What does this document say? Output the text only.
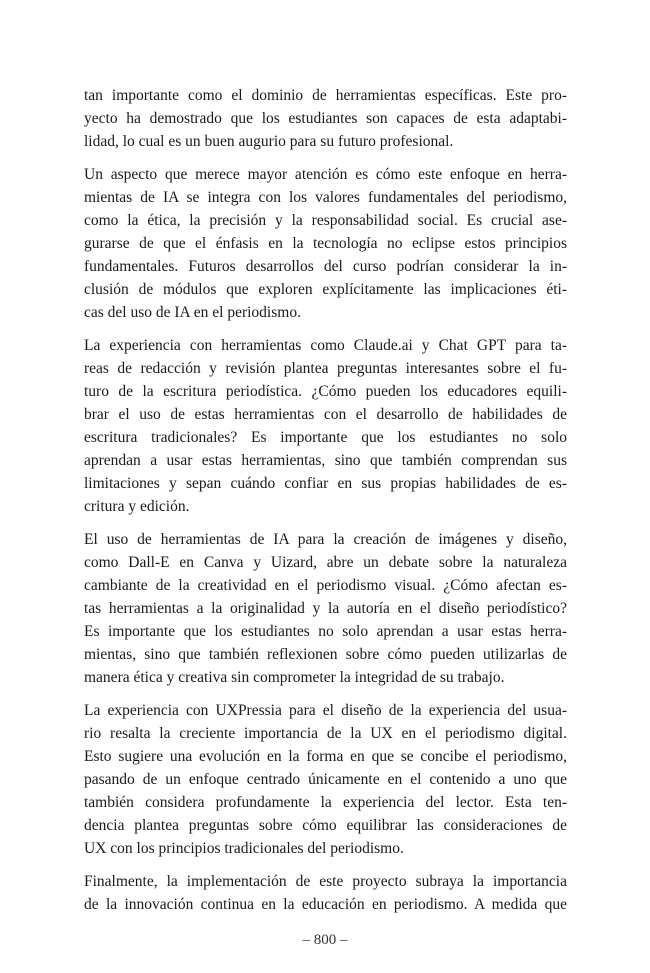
tan importante como el dominio de herramientas específicas. Este pro-
yecto ha demostrado que los estudiantes son capaces de esta adaptabi-
lidad, lo cual es un buen augurio para su futuro profesional.

Un aspecto que merece mayor atención es cómo este enfoque en herra-
mientas de IA se integra con los valores fundamentales del periodismo,
como la ética, la precisión y la responsabilidad social. Es crucial ase-
gurarse de que el énfasis en la tecnología no eclipse estos principios
fundamentales. Futuros desarrollos del curso podrían considerar la in-
clusión de módulos que exploren explícitamente las implicaciones éti-
cas del uso de IA en el periodismo.

La experiencia con herramientas como Claude.ai y Chat GPT para ta-
reas de redacción y revisión plantea preguntas interesantes sobre el fu-
turo de la escritura periodística. ¿Cómo pueden los educadores equili-
brar el uso de estas herramientas con el desarrollo de habilidades de
escritura tradicionales? Es importante que los estudiantes no solo
aprendan a usar estas herramientas, sino que también comprendan sus
limitaciones y sepan cuándo confiar en sus propias habilidades de es-
critura y edición.

El uso de herramientas de IA para la creación de imágenes y diseño,
como Dall-E en Canva y Uizard, abre un debate sobre la naturaleza
cambiante de la creatividad en el periodismo visual. ¿Cómo afectan es-
tas herramientas a la originalidad y la autoría en el diseño periodístico?
Es importante que los estudiantes no solo aprendan a usar estas herra-
mientas, sino que también reflexionen sobre cómo pueden utilizarlas de
manera ética y creativa sin comprometer la integridad de su trabajo.

La experiencia con UXPressia para el diseño de la experiencia del usua-
rio resalta la creciente importancia de la UX en el periodismo digital.
Esto sugiere una evolución en la forma en que se concibe el periodismo,
pasando de un enfoque centrado únicamente en el contenido a uno que
también considera profundamente la experiencia del lector. Esta ten-
dencia plantea preguntas sobre cómo equilibrar las consideraciones de
UX con los principios tradicionales del periodismo.

Finalmente, la implementación de este proyecto subraya la importancia
de la innovación continua en la educación en periodismo. A medida que

– 800 –
